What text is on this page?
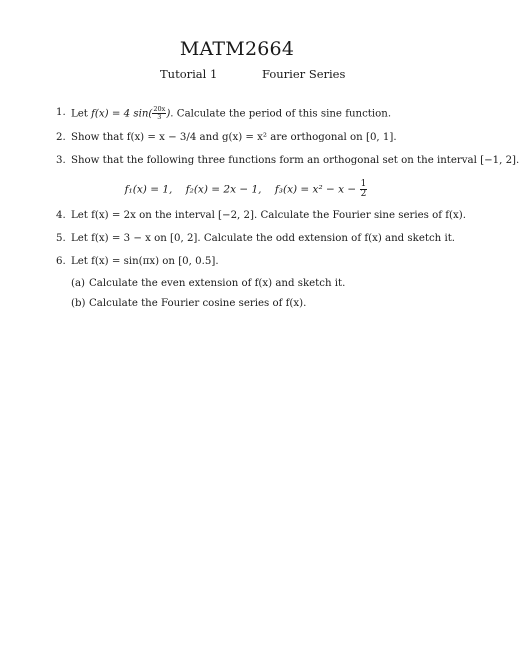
MATM2664
Tutorial 1	Fourier Series
1. Let f(x) = 4 $\sin( \frac{20x}{3}$ ). Calculate the period of this sine function.
2. Show that f(x) = x − 3/4 and g(x) = x² are orthogonal on [0, 1].
3. Show that the following three functions form an orthogonal set on the interval [−1, 2].
f₁(x) = 1, f₂(x) = 2x − 1, $f_3(x) = x^2 - x - \frac{1}{2}$
4. Let f(x) = 2x on the interval [−2, 2]. Calculate the Fourier sine series of f(x).
5. Let f(x) = 3 − x on [0, 2]. Calculate the odd extension of f(x) and sketch it.
6. Let f(x) = sin(πx) on [0, 0.5].
(a) Calculate the even extension of f(x) and sketch it.
(b) Calculate the Fourier cosine series of f(x).
